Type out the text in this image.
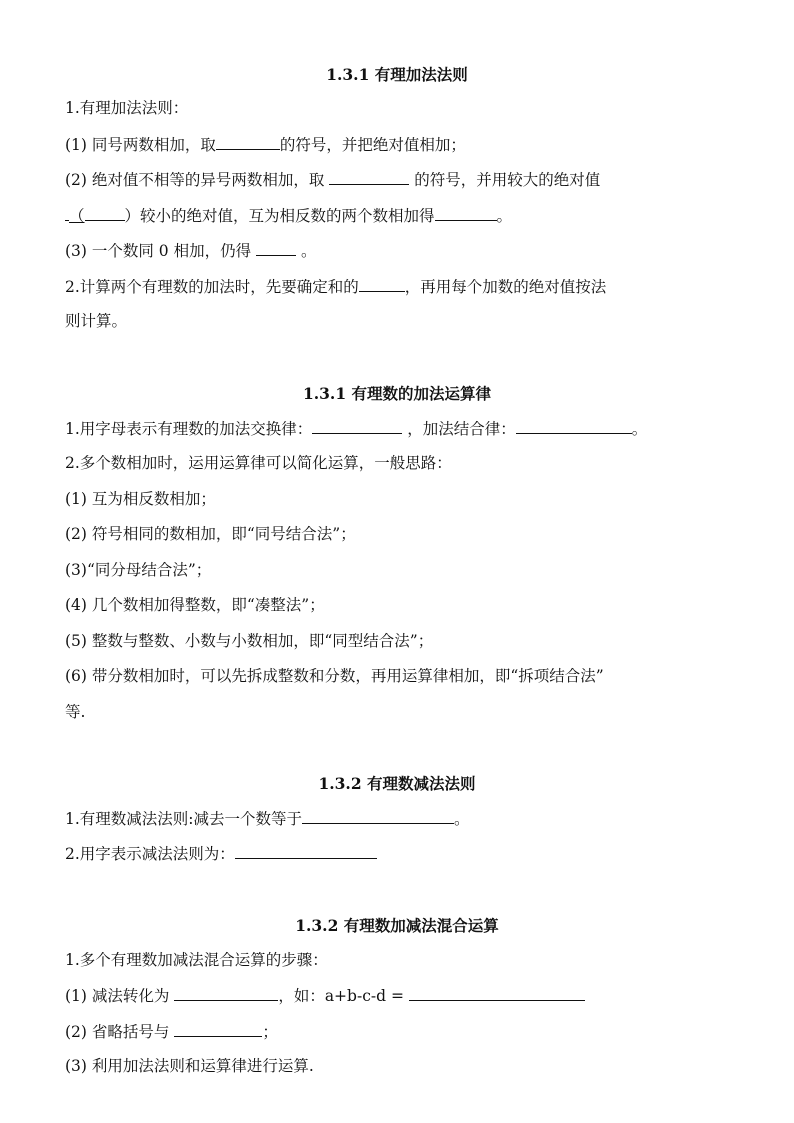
1.3.1 有理加法法则
1.有理加法法则：
(1) 同号两数相加，取	的符号，并把绝对值相加；
(2) 绝对值不相等的异号两数相加，取	的符号，并用较大的绝对值
（	）较小的绝对值，互为相反数的两个数相加得	。
(3) 一个数同 0 相加，仍得	。
2.计算两个有理数的加法时，先要确定和的	，再用每个加数的绝对值按法
则计算。
1.3.1 有理数的加法运算律
1.用字母表示有理数的加法交换律：	，加法结合律：	。
2.多个数相加时，运用运算律可以简化运算，一般思路：
(1) 互为相反数相加；
(2) 符号相同的数相加，即“同号结合法”；
(3)“同分母结合法”；
(4) 几个数相加得整数，即“凑整法”；
(5) 整数与整数、小数与小数相加，即“同型结合法”；
(6) 带分数相加时，可以先拆成整数和分数，再用运算律相加，即“拆项结合法”
等.
1.3.2 有理数减法法则
1.有理数减法法则:减去一个数等于	。
2.用字表示减法法则为：
1.3.2 有理数加减法混合运算
1.多个有理数加减法混合运算的步骤：
(1) 减法转化为	，如：a+b-c-d =
(2) 省略括号与	；
(3) 利用加法法则和运算律进行运算.
